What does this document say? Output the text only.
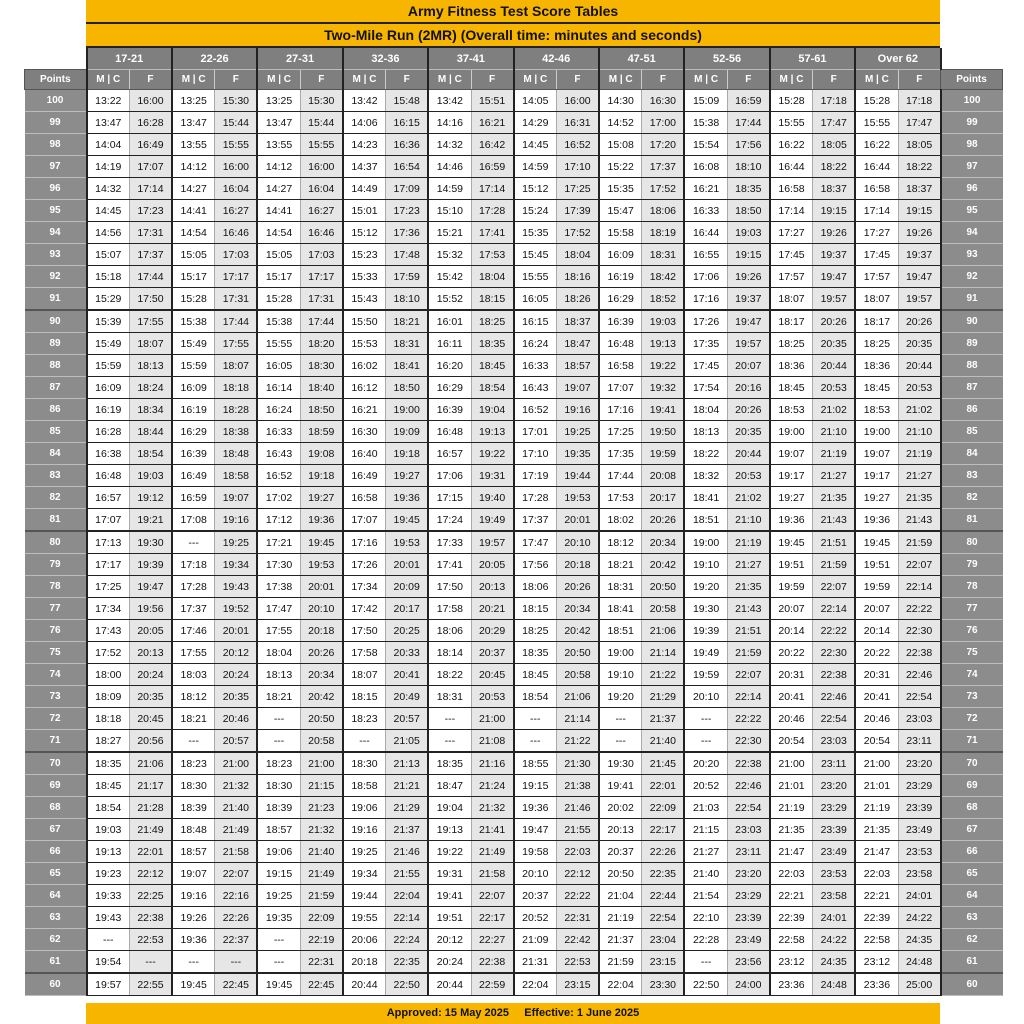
Army Fitness Test Score Tables
Two-Mile Run (2MR) (Overall time: minutes and seconds)
	17-21		22-26		27-31		32-36		37-41		42-46		47-51		52-56		57-61		Over 62		
Points	M | C	F	M | C	F	M | C	F	M | C	F	M | C	F	M | C	F	M | C	F	M | C	F	M | C	F	M | C	F	Points
100	13:22	16:00	13:25	15:30	13:25	15:30	13:42	15:48	13:42	15:51	14:05	16:00	14:30	16:30	15:09	16:59	15:28	17:18	15:28	17:18	100
99	13:47	16:28	13:47	15:44	13:47	15:44	14:06	16:15	14:16	16:21	14:29	16:31	14:52	17:00	15:38	17:44	15:55	17:47	15:55	17:47	99
98	14:04	16:49	13:55	15:55	13:55	15:55	14:23	16:36	14:32	16:42	14:45	16:52	15:08	17:20	15:54	17:56	16:22	18:05	16:22	18:05	98
97	14:19	17:07	14:12	16:00	14:12	16:00	14:37	16:54	14:46	16:59	14:59	17:10	15:22	17:37	16:08	18:10	16:44	18:22	16:44	18:22	97
96	14:32	17:14	14:27	16:04	14:27	16:04	14:49	17:09	14:59	17:14	15:12	17:25	15:35	17:52	16:21	18:35	16:58	18:37	16:58	18:37	96
95	14:45	17:23	14:41	16:27	14:41	16:27	15:01	17:23	15:10	17:28	15:24	17:39	15:47	18:06	16:33	18:50	17:14	19:15	17:14	19:15	95
94	14:56	17:31	14:54	16:46	14:54	16:46	15:12	17:36	15:21	17:41	15:35	17:52	15:58	18:19	16:44	19:03	17:27	19:26	17:27	19:26	94
93	15:07	17:37	15:05	17:03	15:05	17:03	15:23	17:48	15:32	17:53	15:45	18:04	16:09	18:31	16:55	19:15	17:45	19:37	17:45	19:37	93
92	15:18	17:44	15:17	17:17	15:17	17:17	15:33	17:59	15:42	18:04	15:55	18:16	16:19	18:42	17:06	19:26	17:57	19:47	17:57	19:47	92
91	15:29	17:50	15:28	17:31	15:28	17:31	15:43	18:10	15:52	18:15	16:05	18:26	16:29	18:52	17:16	19:37	18:07	19:57	18:07	19:57	91
90	15:39	17:55	15:38	17:44	15:38	17:44	15:50	18:21	16:01	18:25	16:15	18:37	16:39	19:03	17:26	19:47	18:17	20:26	18:17	20:26	90
89	15:49	18:07	15:49	17:55	15:55	18:20	15:53	18:31	16:11	18:35	16:24	18:47	16:48	19:13	17:35	19:57	18:25	20:35	18:25	20:35	89
88	15:59	18:13	15:59	18:07	16:05	18:30	16:02	18:41	16:20	18:45	16:33	18:57	16:58	19:22	17:45	20:07	18:36	20:44	18:36	20:44	88
87	16:09	18:24	16:09	18:18	16:14	18:40	16:12	18:50	16:29	18:54	16:43	19:07	17:07	19:32	17:54	20:16	18:45	20:53	18:45	20:53	87
86	16:19	18:34	16:19	18:28	16:24	18:50	16:21	19:00	16:39	19:04	16:52	19:16	17:16	19:41	18:04	20:26	18:53	21:02	18:53	21:02	86
85	16:28	18:44	16:29	18:38	16:33	18:59	16:30	19:09	16:48	19:13	17:01	19:25	17:25	19:50	18:13	20:35	19:00	21:10	19:00	21:10	85
84	16:38	18:54	16:39	18:48	16:43	19:08	16:40	19:18	16:57	19:22	17:10	19:35	17:35	19:59	18:22	20:44	19:07	21:19	19:07	21:19	84
83	16:48	19:03	16:49	18:58	16:52	19:18	16:49	19:27	17:06	19:31	17:19	19:44	17:44	20:08	18:32	20:53	19:17	21:27	19:17	21:27	83
82	16:57	19:12	16:59	19:07	17:02	19:27	16:58	19:36	17:15	19:40	17:28	19:53	17:53	20:17	18:41	21:02	19:27	21:35	19:27	21:35	82
81	17:07	19:21	17:08	19:16	17:12	19:36	17:07	19:45	17:24	19:49	17:37	20:01	18:02	20:26	18:51	21:10	19:36	21:43	19:36	21:43	81
80	17:13	19:30	---	19:25	17:21	19:45	17:16	19:53	17:33	19:57	17:47	20:10	18:12	20:34	19:00	21:19	19:45	21:51	19:45	21:59	80
79	17:17	19:39	17:18	19:34	17:30	19:53	17:26	20:01	17:41	20:05	17:56	20:18	18:21	20:42	19:10	21:27	19:51	21:59	19:51	22:07	79
78	17:25	19:47	17:28	19:43	17:38	20:01	17:34	20:09	17:50	20:13	18:06	20:26	18:31	20:50	19:20	21:35	19:59	22:07	19:59	22:14	78
77	17:34	19:56	17:37	19:52	17:47	20:10	17:42	20:17	17:58	20:21	18:15	20:34	18:41	20:58	19:30	21:43	20:07	22:14	20:07	22:22	77
76	17:43	20:05	17:46	20:01	17:55	20:18	17:50	20:25	18:06	20:29	18:25	20:42	18:51	21:06	19:39	21:51	20:14	22:22	20:14	22:30	76
75	17:52	20:13	17:55	20:12	18:04	20:26	17:58	20:33	18:14	20:37	18:35	20:50	19:00	21:14	19:49	21:59	20:22	22:30	20:22	22:38	75
74	18:00	20:24	18:03	20:24	18:13	20:34	18:07	20:41	18:22	20:45	18:45	20:58	19:10	21:22	19:59	22:07	20:31	22:38	20:31	22:46	74
73	18:09	20:35	18:12	20:35	18:21	20:42	18:15	20:49	18:31	20:53	18:54	21:06	19:20	21:29	20:10	22:14	20:41	22:46	20:41	22:54	73
72	18:18	20:45	18:21	20:46	---	20:50	18:23	20:57	---	21:00	---	21:14	---	21:37	---	22:22	20:46	22:54	20:46	23:03	72
71	18:27	20:56	---	20:57	---	20:58	---	21:05	---	21:08	---	21:22	---	21:40	---	22:30	20:54	23:03	20:54	23:11	71
70	18:35	21:06	18:23	21:00	18:23	21:00	18:30	21:13	18:35	21:16	18:55	21:30	19:30	21:45	20:20	22:38	21:00	23:11	21:00	23:20	70
69	18:45	21:17	18:30	21:32	18:30	21:15	18:58	21:21	18:47	21:24	19:15	21:38	19:41	22:01	20:52	22:46	21:01	23:20	21:01	23:29	69
68	18:54	21:28	18:39	21:40	18:39	21:23	19:06	21:29	19:04	21:32	19:36	21:46	20:02	22:09	21:03	22:54	21:19	23:29	21:19	23:39	68
67	19:03	21:49	18:48	21:49	18:57	21:32	19:16	21:37	19:13	21:41	19:47	21:55	20:13	22:17	21:15	23:03	21:35	23:39	21:35	23:49	67
66	19:13	22:01	18:57	21:58	19:06	21:40	19:25	21:46	19:22	21:49	19:58	22:03	20:37	22:26	21:27	23:11	21:47	23:49	21:47	23:53	66
65	19:23	22:12	19:07	22:07	19:15	21:49	19:34	21:55	19:31	21:58	20:10	22:12	20:50	22:35	21:40	23:20	22:03	23:53	22:03	23:58	65
64	19:33	22:25	19:16	22:16	19:25	21:59	19:44	22:04	19:41	22:07	20:37	22:22	21:04	22:44	21:54	23:29	22:21	23:58	22:21	24:01	64
63	19:43	22:38	19:26	22:26	19:35	22:09	19:55	22:14	19:51	22:17	20:52	22:31	21:19	22:54	22:10	23:39	22:39	24:01	22:39	24:22	63
62	---	22:53	19:36	22:37	---	22:19	20:06	22:24	20:12	22:27	21:09	22:42	21:37	23:04	22:28	23:49	22:58	24:22	22:58	24:35	62
61	19:54	---	---	---	---	22:31	20:18	22:35	20:24	22:38	21:31	22:53	21:59	23:15	---	23:56	23:12	24:35	23:12	24:48	61
60	19:57	22:55	19:45	22:45	19:45	22:45	20:44	22:50	20:44	22:59	22:04	23:15	22:04	23:30	22:50	24:00	23:36	24:48	23:36	25:00	60
Approved: 15 May 2025 Effective: 1 June 2025
